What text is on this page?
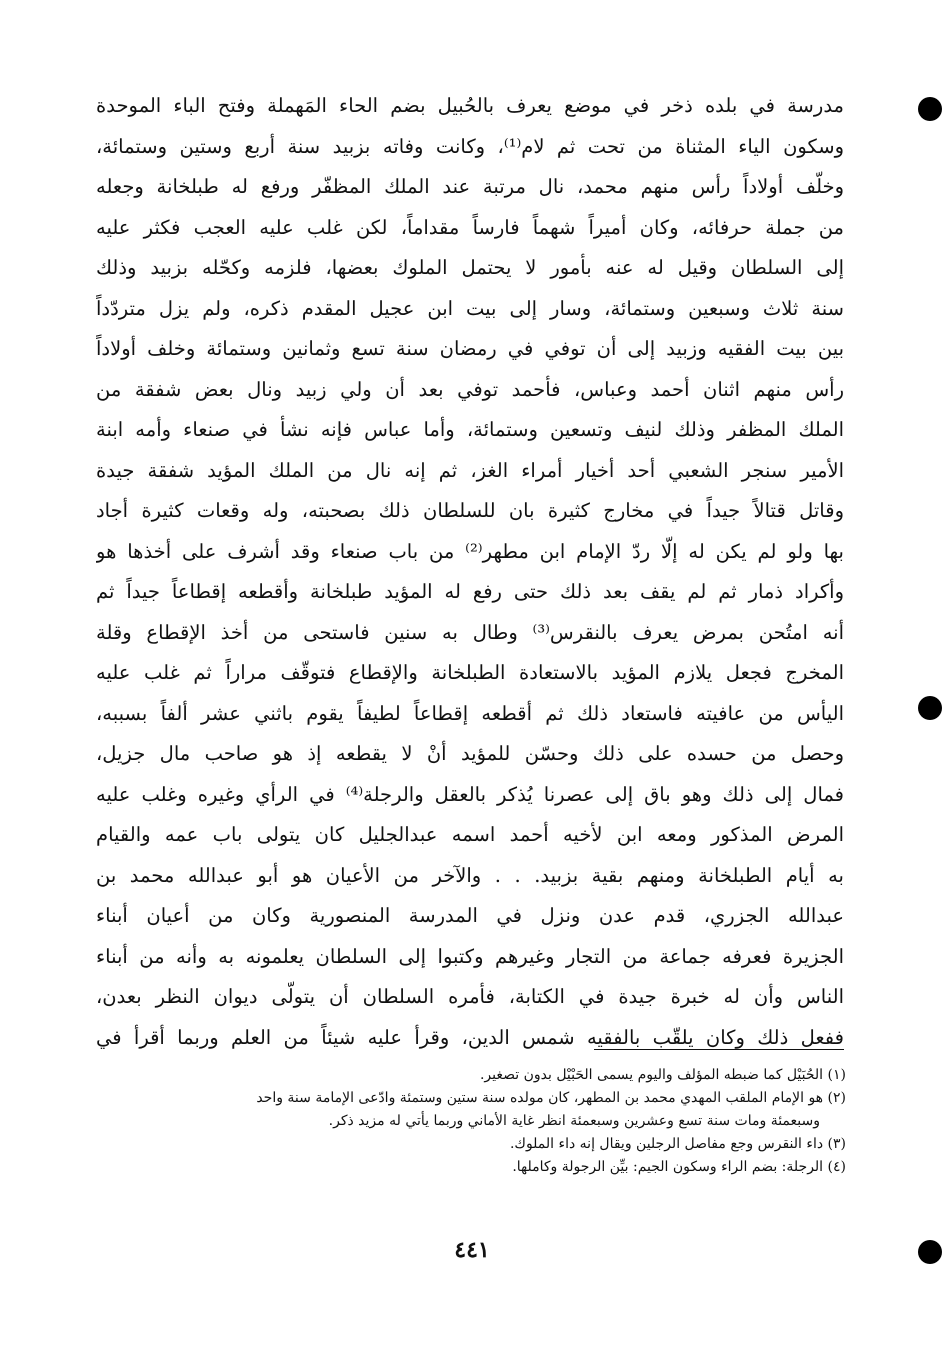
مدرسة في بلده ذخر في موضع يعرف بالحُبيل بضم الحاء المَهملة وفتح الباء الموحدة
وسكون الياء المثناة من تحت ثم لام⁽¹⁾، وكانت وفاته بزبيد سنة أربع وستين وستمائة،
وخلّف أولاداً رأس منهم محمد، نال مرتبة عند الملك المظفّر ورفع له طبلخانة وجعله
من جملة حرفائه، وكان أميراً شهماً فارساً مقداماً، لكن غلب عليه العجب فكثر عليه
إلى السلطان وقيل له عنه بأمور لا يحتمل الملوك بعضها، فلزمه وكحّله بزبيد وذلك
سنة ثلاث وسبعين وستمائة، وسار إلى بيت ابن عجيل المقدم ذكره، ولم يزل متردّداً
بين بيت الفقيه وزبيد إلى أن توفي في رمضان سنة تسع وثمانين وستمائة وخلف أولاداً
رأس منهم اثنان أحمد وعباس، فأحمد توفي بعد أن ولي زبيد ونال بعض شفقة من
الملك المظفر وذلك لنيف وتسعين وستمائة، وأما عباس فإنه نشأ في صنعاء وأمه ابنة
الأمير سنجر الشعبي أحد أخيار أمراء الغز، ثم إنه نال من الملك المؤيد شفقة جيدة
وقاتل قتالاً جيداً في مخارج كثيرة بان للسلطان ذلك بصحبته، وله وقعات كثيرة أجاد
بها ولو لم يكن له إلّا ردّ الإمام ابن مطهر⁽²⁾ من باب صنعاء وقد أشرف على أخذها هو
وأكراد ذمار ثم لم يقف بعد ذلك حتى رفع له المؤيد طبلخانة وأقطعه إقطاعاً جيداً ثم
أنه امتُحن بمرض يعرف بالنقرس⁽³⁾ وطال به سنين فاستحى من أخذ الإقطاع وقلة
المخرج فجعل يلازم المؤيد بالاستعادة الطبلخانة والإقطاع فتوقّف مراراً ثم غلب عليه
اليأس من عافيته فاستعاد ذلك ثم أقطعه إقطاعاً لطيفاً يقوم باثني عشر ألفاً بسببه،
وحصل من حسده على ذلك وحسّن للمؤيد أنْ لا يقطعه إذ هو صاحب مال جزيل،
فمال إلى ذلك وهو باق إلى عصرنا يُذكر بالعقل والرجلة⁽⁴⁾ في الرأي وغيره وغلب عليه
المرض المذكور ومعه ابن لأخيه أحمد اسمه عبدالجليل كان يتولى باب عمه والقيام
به أيام الطبلخانة ومنهم بقية بزبيد. . . والآخر من الأعيان هو أبو عبدالله محمد بن
عبدالله الجزري، قدم عدن ونزل في المدرسة المنصورية وكان من أعيان أبناء
الجزيرة فعرفه جماعة من التجار وغيرهم وكتبوا إلى السلطان يعلمونه به وأنه من أبناء
الناس وأن له خبرة جيدة في الكتابة، فأمره السلطان أن يتولّى ديوان النظر بعدن،
ففعل ذلك وكان يلقّب بالفقيه شمس الدين، وقرأ عليه شيئاً من العلم وربما أقرأ في
(١) الحُبَيْل كما ضبطه المؤلف واليوم يسمى الحَبْيْل بدون تصغير.
(٢) هو الإمام الملقب المهدي محمد بن المطهر، كان مولده سنة ستين وستمئة وادّعى الإمامة سنة واحد
وسبعمئة ومات سنة تسع وعشرين وسبعمئة انظر غاية الأماني وربما يأتي له مزيد ذكر.
(٣) داء النقرس وجع مفاصل الرجلين ويقال إنه داء الملوك.
(٤) الرجلة: بضم الراء وسكون الجيم: بيِّن الرجولة وكاملها.
٤٤١
